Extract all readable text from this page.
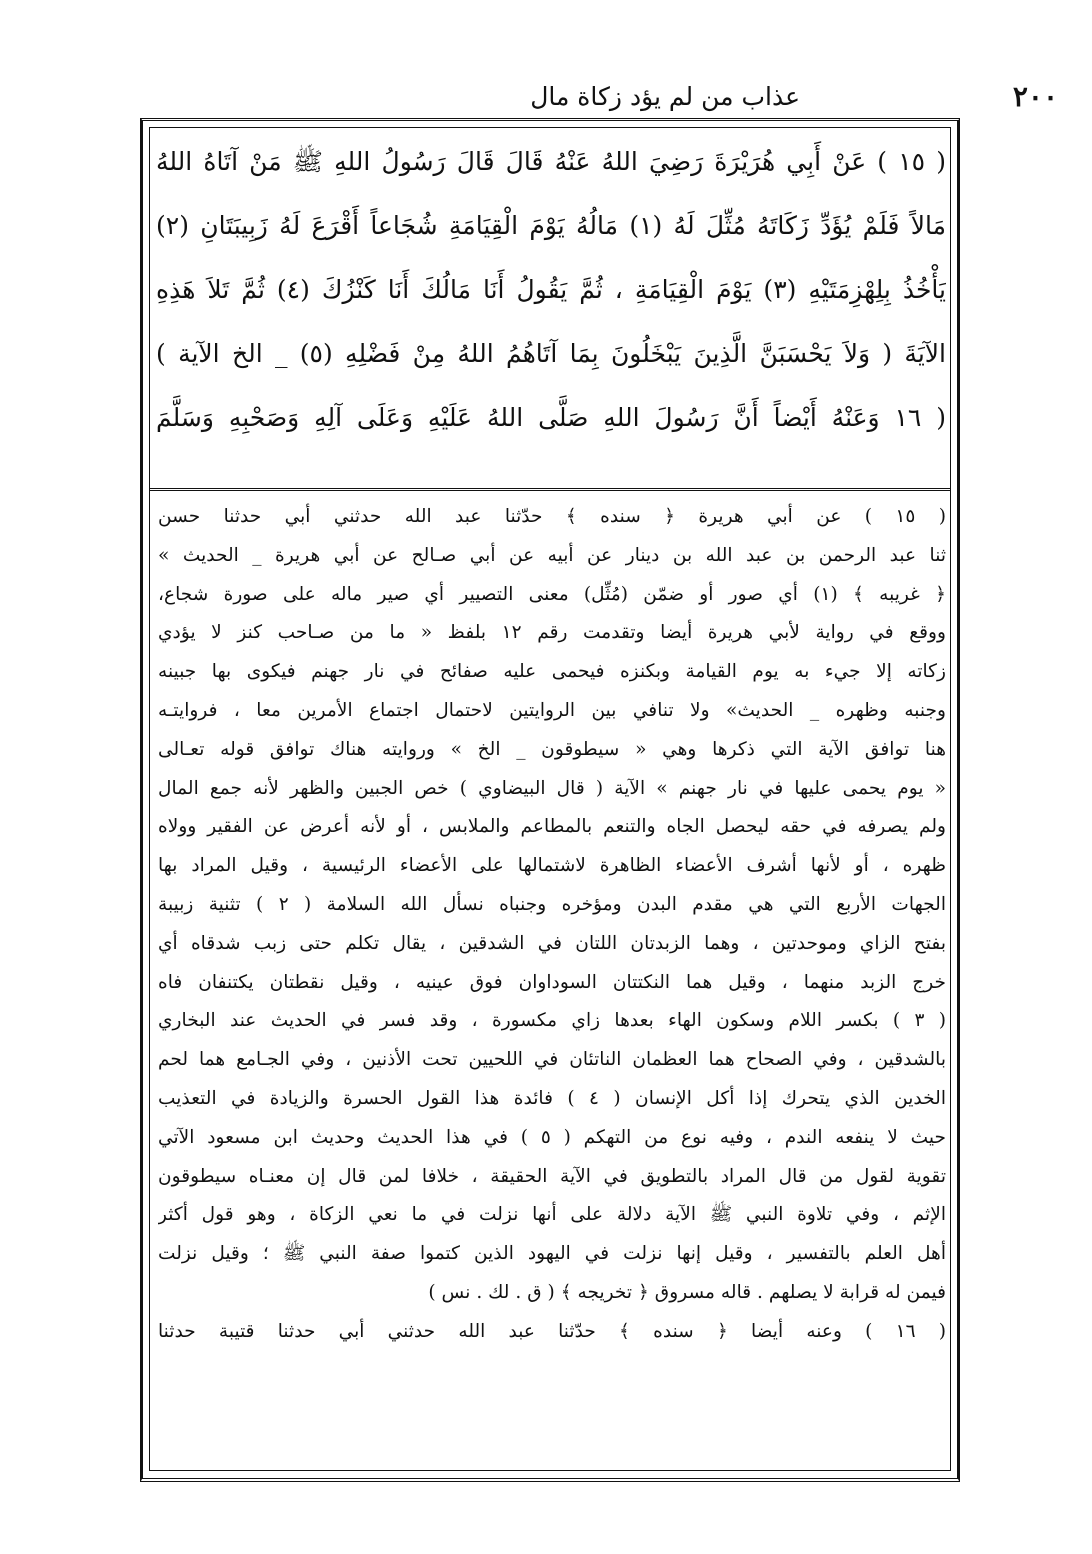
٢٠٠
عذاب من لم يؤد زكاة مال
( ١٥ ) عَنْ أَبِي هُرَيْرَةَ رَضِيَ اللهُ عَنْهُ قَالَ قَالَ رَسُولُ اللهِ ﷺ مَنْ آتَاهُ اللهُ
مَالاً فَلَمْ يُؤَدِّ زَكَاتَهُ مُثِّلَ لَهُ (١) مَالُهُ يَوْمَ الْقِيَامَةِ شُجَاعاً أَقْرَعَ لَهُ زَبِيبَتَانِ (٢)
يَأْخُذُ بِلِهْزِمَتَيْهِ (٣) يَوْمَ الْقِيَامَةِ ، ثُمَّ يَقُولُ أَنَا مَالُكَ أَنَا كَنْزُكَ (٤) ثُمَّ تَلاَ هَذِهِ
الآيَةَ ( وَلاَ يَحْسَبَنَّ الَّذِينَ يَبْخَلُونَ بِمَا آتَاهُمُ اللهُ مِنْ فَضْلِهِ (٥) _ الخ الآية )
( ١٦ وَعَنْهُ أَيْضاً أَنَّ رَسُولَ اللهِ صَلَّى اللهُ عَلَيْهِ وَعَلَى آلِهِ وَصَحْبِهِ وَسَلَّمَ
( ١٥ ) عن أبي هريرة ﴿ سنده ﴾ حدّثنا عبد الله حدثني أبي حدثنا حسن
ثنا عبد الرحمن بن عبد الله بن دينار عن أبيه عن أبي صـالح عن أبي هريرة _ الحديث »
﴿ غريبه ﴾ (١) أي صور أو ضمّن (مُثِّل) معنى التصيير أي صير ماله على صورة شجاع،
ووقع في رواية لأبي هريرة أيضا وتقدمت رقم ١٢ بلفظ « ما من صـاحب كنز لا يؤدي
زكاته إلا جيء به يوم القيامة وبكنزه فيحمى عليه صفائح في نار جهنم فيكوى بها جبينه
وجنبه وظهره _ الحديث» ولا تنافي بين الروايتين لاحتمال اجتماع الأمرين معا ، فروايتـه
هنا توافق الآية التي ذكرها وهي « سيطوقون _ الخ » وروايته هناك توافق قوله تعـالى
« يوم يحمى عليها في نار جهنم » الآية ( قال البيضاوي ) خص الجبين والظهر لأنه جمع المال
ولم يصرفه في حقه ليحصل الجاه والتنعم بالمطاعم والملابس ، أو لأنه أعرض عن الفقير وولاه
ظهره ، أو لأنها أشرف الأعضاء الظاهرة لاشتمالها على الأعضاء الرئيسية ، وقيل المراد بها
الجهات الأربع التي هي مقدم البدن ومؤخره وجنباه نسأل الله السلامة ( ٢ ) تثنية زبيبة
بفتح الزاي وموحدتين ، وهما الزبدتان اللتان في الشدقين ، يقال تكلم حتى زبب شدقاه أي
خرج الزبد منهما ، وقيل هما النكتتان السوداوان فوق عينيه ، وقيل نقطتان يكتنفان فاه
( ٣ ) بكسر اللام وسكون الهاء بعدها زاي مكسورة ، وقد فسر في الحديث عند البخاري
بالشدقين ، وفي الصحاح هما العظمان الناتئان في اللحيين تحت الأذنين ، وفي الجـامع هما لحم
الخدين الذي يتحرك إذا أكل الإنسان ( ٤ ) فائدة هذا القول الحسرة والزيادة في التعذيب
حيث لا ينفعه الندم ، وفيه نوع من التهكم ( ٥ ) في هذا الحديث وحديث ابن مسعود الآتي
تقوية لقول من قال المراد بالتطويق في الآية الحقيقة ، خلافا لمن قال إن معنـاه سيطوقون
الإثم ، وفي تلاوة النبي ﷺ الآية دلالة على أنها نزلت في ما نعي الزكاة ، وهو قول أكثر
أهل العلم بالتفسير ، وقيل إنها نزلت في اليهود الذين كتموا صفة النبي ﷺ ؛ وقيل نزلت
فيمن له قرابة لا يصلهم . قاله مسروق ﴿ تخريجه ﴾ ( ق . لك . نس )
( ١٦ ) وعنه أيضا ﴿ سنده ﴾ حدّثنا عبد الله حدثني أبي حدثنا قتيبة حدثنا
